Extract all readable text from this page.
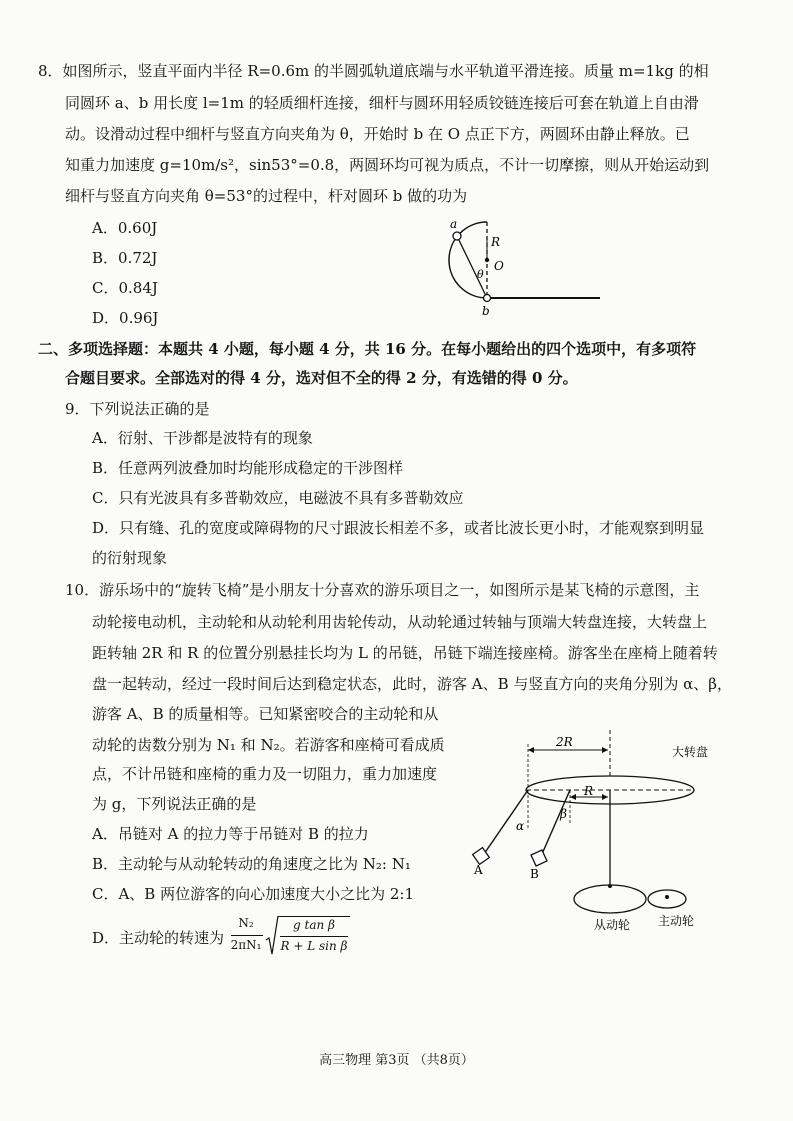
8．如图所示，竖直平面内半径 R=0.6m 的半圆弧轨道底端与水平轨道平滑连接。质量 m=1kg 的相
同圆环 a、b 用长度 l=1m 的轻质细杆连接，细杆与圆环用轻质铰链连接后可套在轨道上自由滑
动。设滑动过程中细杆与竖直方向夹角为 θ，开始时 b 在 O 点正下方，两圆环由静止释放。已
知重力加速度 g=10m/s²，sin53°=0.8，两圆环均可视为质点，不计一切摩擦，则从开始运动到
细杆与竖直方向夹角 θ=53°的过程中，杆对圆环 b 做的功为
A．0.60J
B．0.72J
C．0.84J
D．0.96J
a
R
O
θ
b
二、多项选择题：本题共 4 小题，每小题 4 分，共 16 分。在每小题给出的四个选项中，有多项符
合题目要求。全部选对的得 4 分，选对但不全的得 2 分，有选错的得 0 分。
9．下列说法正确的是
A．衍射、干涉都是波特有的现象
B．任意两列波叠加时均能形成稳定的干涉图样
C．只有光波具有多普勒效应，电磁波不具有多普勒效应
D．只有缝、孔的宽度或障碍物的尺寸跟波长相差不多，或者比波长更小时，才能观察到明显
的衍射现象
10．游乐场中的“旋转飞椅”是小朋友十分喜欢的游乐项目之一，如图所示是某飞椅的示意图，主
动轮接电动机，主动轮和从动轮利用齿轮传动，从动轮通过转轴与顶端大转盘连接，大转盘上
距转轴 2R 和 R 的位置分别悬挂长均为 L 的吊链，吊链下端连接座椅。游客坐在座椅上随着转
盘一起转动，经过一段时间后达到稳定状态，此时，游客 A、B 与竖直方向的夹角分别为 α、β，
游客 A、B 的质量相等。已知紧密咬合的主动轮和从
动轮的齿数分别为 N₁ 和 N₂。若游客和座椅可看成质
点，不计吊链和座椅的重力及一切阻力，重力加速度
为 g，下列说法正确的是
A．吊链对 A 的拉力等于吊链对 B 的拉力
B．主动轮与从动轮转动的角速度之比为 N₂: N₁
C．A、B 两位游客的向心加速度大小之比为 2:1
D．主动轮的转速为
N₂
2πN₁
g tan β
R + L sin β
2R
大转盘
R
α
A
β
B
从动轮 主动轮
高三物理 第3页 （共8页）
